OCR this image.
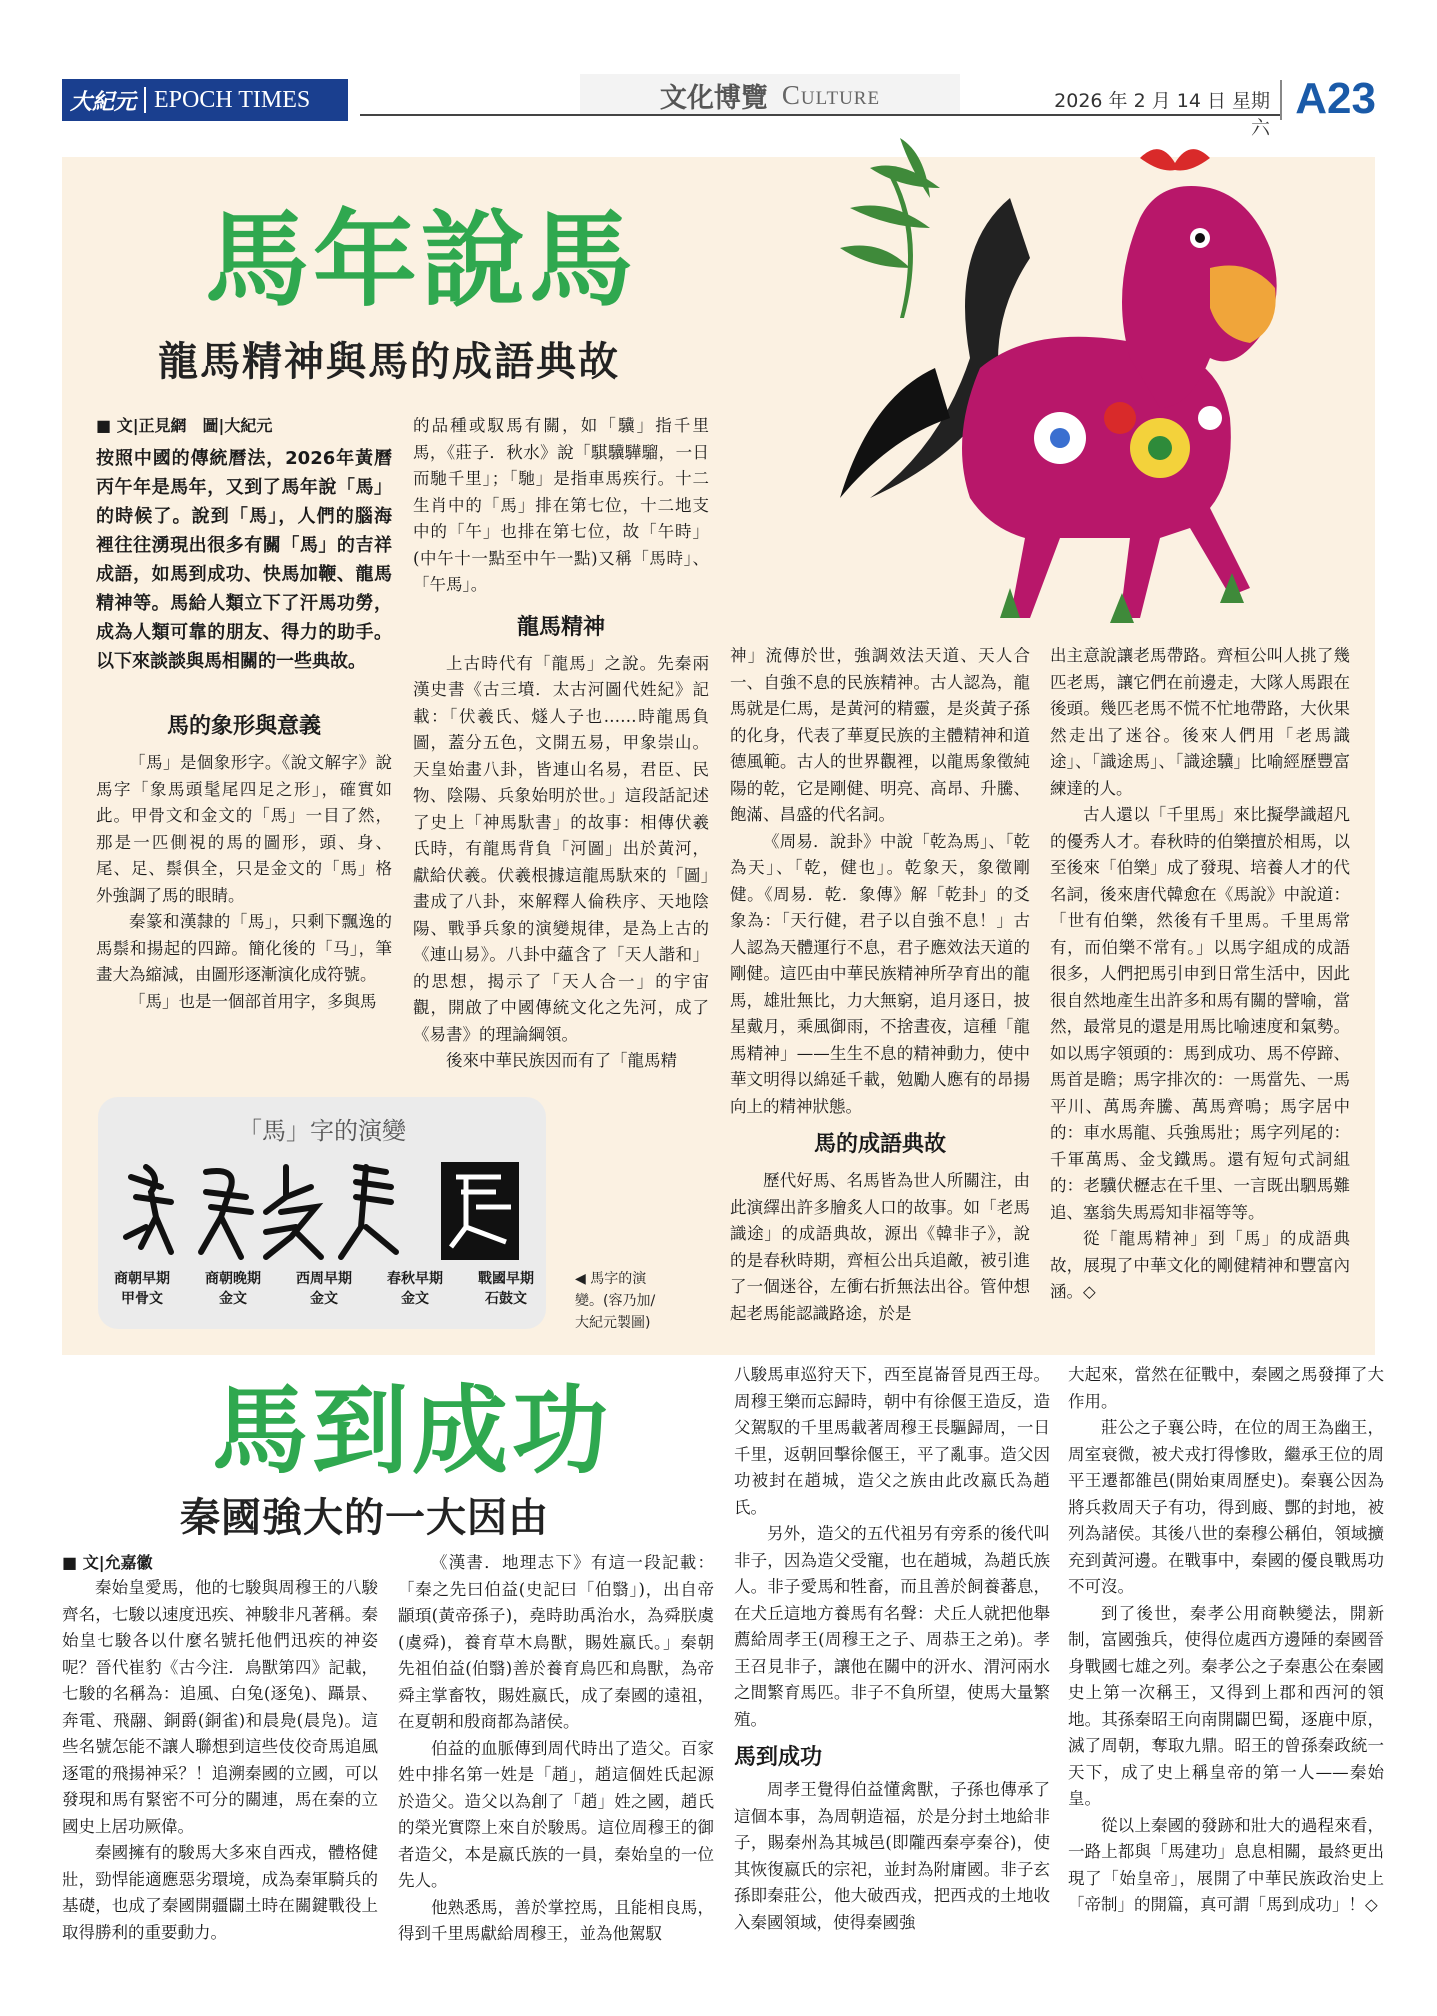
大紀元 EPOCH TIMES	文化博覽 Culture	2026 年 2 月 14 日 星期六
A23
馬年說馬
龍馬精神與馬的成語典故
■ 文|正見網　圖|大紀元

按照中國的傳統曆法，2026年黃曆丙午年是馬年，又到了馬年說「馬」的時候了。說到「馬」，人們的腦海裡往往湧現出很多有關「馬」的吉祥成語，如馬到成功、快馬加鞭、龍馬精神等。馬給人類立下了汗馬功勞，成為人類可靠的朋友、得力的助手。以下來談談與馬相關的一些典故。

馬的象形與意義

「馬」是個象形字。《說文解字》說馬字「象馬頭髦尾四足之形」，確實如此。甲骨文和金文的「馬」一目了然，那是一匹側視的馬的圖形，頭、身、尾、足、鬃俱全，只是金文的「馬」格外強調了馬的眼睛。

秦篆和漢隸的「馬」，只剩下飄逸的馬鬃和揚起的四蹄。簡化後的「马」，筆畫大為縮減，由圖形逐漸演化成符號。

「馬」也是一個部首用字，多與馬

的品種或馭馬有關，如「驥」指千里馬，《莊子．秋水》說「騏驥驊騮，一日而馳千里」；「馳」是指車馬疾行。十二生肖中的「馬」排在第七位，十二地支中的「午」也排在第七位，故「午時」(中午十一點至中午一點)又稱「馬時」、「午馬」。

龍馬精神

上古時代有「龍馬」之說。先秦兩漢史書《古三墳．太古河圖代姓紀》記載：「伏羲氏、燧人子也……時龍馬負圖，蓋分五色，文開五易，甲象崇山。天皇始畫八卦，皆連山名易，君臣、民物、陰陽、兵象始明於世。」這段話記述了史上「神馬馱書」的故事：相傳伏羲氏時，有龍馬背負「河圖」出於黃河，獻給伏羲。伏羲根據這龍馬馱來的「圖」畫成了八卦，來解釋人倫秩序、天地陰陽、戰爭兵象的演變規律，是為上古的《連山易》。八卦中蘊含了「天人諧和」的思想，揭示了「天人合一」的宇宙觀，開啟了中國傳統文化之先河，成了《易書》的理論綱領。

後來中華民族因而有了「龍馬精

神」流傳於世，強調效法天道、天人合一、自強不息的民族精神。古人認為，龍馬就是仁馬，是黃河的精靈，是炎黃子孫的化身，代表了華夏民族的主體精神和道德風範。古人的世界觀裡，以龍馬象徵純陽的乾，它是剛健、明亮、高昂、升騰、飽滿、昌盛的代名詞。

《周易．說卦》中說「乾為馬」、「乾為天」、「乾，健也」。乾象天，象徵剛健。《周易．乾．象傳》解「乾卦」的爻象為：「天行健，君子以自強不息！」古人認為天體運行不息，君子應效法天道的剛健。這匹由中華民族精神所孕育出的龍馬，雄壯無比，力大無窮，追月逐日，披星戴月，乘風御雨，不捨晝夜，這種「龍馬精神」——生生不息的精神動力，使中華文明得以綿延千載，勉勵人應有的昂揚向上的精神狀態。

馬的成語典故

歷代好馬、名馬皆為世人所關注，由此演繹出許多膾炙人口的故事。如「老馬識途」的成語典故，源出《韓非子》，說的是春秋時期，齊桓公出兵追敵，被引進了一個迷谷，左衝右折無法出谷。管仲想起老馬能認識路途，於是

出主意說讓老馬帶路。齊桓公叫人挑了幾匹老馬，讓它們在前邊走，大隊人馬跟在後頭。幾匹老馬不慌不忙地帶路，大伙果然走出了迷谷。後來人們用「老馬識途」、「識途馬」、「識途驥」比喻經歷豐富練達的人。

古人還以「千里馬」來比擬學識超凡的優秀人才。春秋時的伯樂擅於相馬，以至後來「伯樂」成了發現、培養人才的代名詞，後來唐代韓愈在《馬說》中說道：「世有伯樂，然後有千里馬。千里馬常有，而伯樂不常有。」以馬字組成的成語很多，人們把馬引申到日常生活中，因此很自然地產生出許多和馬有關的譬喻，當然，最常見的還是用馬比喻速度和氣勢。如以馬字領頭的：馬到成功、馬不停蹄、馬首是瞻；馬字排次的：一馬當先、一馬平川、萬馬奔騰、萬馬齊鳴；馬字居中的：車水馬龍、兵強馬壯；馬字列尾的：千軍萬馬、金戈鐵馬。還有短句式詞組的：老驥伏櫪志在千里、一言既出駟馬難追、塞翁失馬焉知非福等等。

從「龍馬精神」到「馬」的成語典故，展現了中華文化的剛健精神和豐富內涵。◇

「馬」字的演變
商朝早期
甲骨文
商朝晚期
金文
西周早期
金文
春秋早期
金文
戰國早期
石鼓文
◀ 馬字的演
變。(容乃加/
大紀元製圖)
馬到成功
秦國強大的一大因由
■ 文|允嘉徽

秦始皇愛馬，他的七駿與周穆王的八駿齊名，七駿以速度迅疾、神駿非凡著稱。秦始皇七駿各以什麼名號托他們迅疾的神姿呢？晉代崔豹《古今注．鳥獸第四》記載，七駿的名稱為：追風、白兔(逐兔)、躡景、奔電、飛翮、銅爵(銅雀)和晨鳧(晨凫)。這些名號怎能不讓人聯想到這些伎佼奇馬追風逐電的飛揚神采？！追溯秦國的立國，可以發現和馬有緊密不可分的關連，馬在秦的立國史上居功厥偉。

秦國擁有的駿馬大多來自西戎，體格健壯，勁悍能適應惡劣環境，成為秦軍騎兵的基礎，也成了秦國開疆闢土時在關鍵戰役上取得勝利的重要動力。

《漢書．地理志下》有這一段記載：「秦之先曰伯益(史記曰「伯翳」)，出自帝顓頊(黃帝孫子)，堯時助禹治水，為舜朕虞(虞舜)，養育草木鳥獸，賜姓嬴氏。」秦朝先祖伯益(伯翳)善於養育鳥匹和鳥獸，為帝舜主掌畜牧，賜姓嬴氏，成了秦國的遠祖，在夏朝和殷商都為諸侯。

伯益的血脈傳到周代時出了造父。百家姓中排名第一姓是「趙」，趙這個姓氏起源於造父。造父以為創了「趙」姓之國，趙氏的榮光實際上來自於駿馬。這位周穆王的御者造父，本是嬴氏族的一員，秦始皇的一位先人。

他熟悉馬，善於掌控馬，且能相良馬，得到千里馬獻給周穆王，並為他駕馭

八駿馬車巡狩天下，西至崑崙晉見西王母。周穆王樂而忘歸時，朝中有徐偃王造反，造父駕馭的千里馬載著周穆王長驅歸周，一日千里，返朝回擊徐偃王，平了亂事。造父因功被封在趙城，造父之族由此改嬴氏為趙氏。

另外，造父的五代祖另有旁系的後代叫非子，因為造父受寵，也在趙城，為趙氏族人。非子愛馬和牲畜，而且善於飼養蕃息，在犬丘這地方養馬有名聲：犬丘人就把他舉薦給周孝王(周穆王之子、周恭王之弟)。孝王召見非子，讓他在關中的汧水、渭河兩水之間繁育馬匹。非子不負所望，使馬大量繁殖。

馬到成功

周孝王覺得伯益懂禽獸，子孫也傳承了這個本事，為周朝造福，於是分封土地給非子，賜秦州為其城邑(即隴西秦亭秦谷)，使其恢復嬴氏的宗祀，並封為附庸國。非子玄孫即秦莊公，他大破西戎，把西戎的土地收入秦國領域，使得秦國強

大起來，當然在征戰中，秦國之馬發揮了大作用。

莊公之子襄公時，在位的周王為幽王，周室衰微，被犬戎打得慘敗，繼承王位的周平王遷都雒邑(開始東周歷史)。秦襄公因為將兵救周天子有功，得到廄、酆的封地，被列為諸侯。其後八世的秦穆公稱伯，領域擴充到黃河邊。在戰事中，秦國的優良戰馬功不可沒。

到了後世，秦孝公用商鞅變法，開新制，富國強兵，使得位處西方邊陲的秦國晉身戰國七雄之列。秦孝公之子秦惠公在秦國史上第一次稱王，又得到上郡和西河的領地。其孫秦昭王向南開闢巴蜀，逐鹿中原，滅了周朝，奪取九鼎。昭王的曾孫秦政統一天下，成了史上稱皇帝的第一人——秦始皇。

從以上秦國的發跡和壯大的過程來看，一路上都與「馬建功」息息相關，最終更出現了「始皇帝」，展開了中華民族政治史上「帝制」的開篇，真可謂「馬到成功」！◇
